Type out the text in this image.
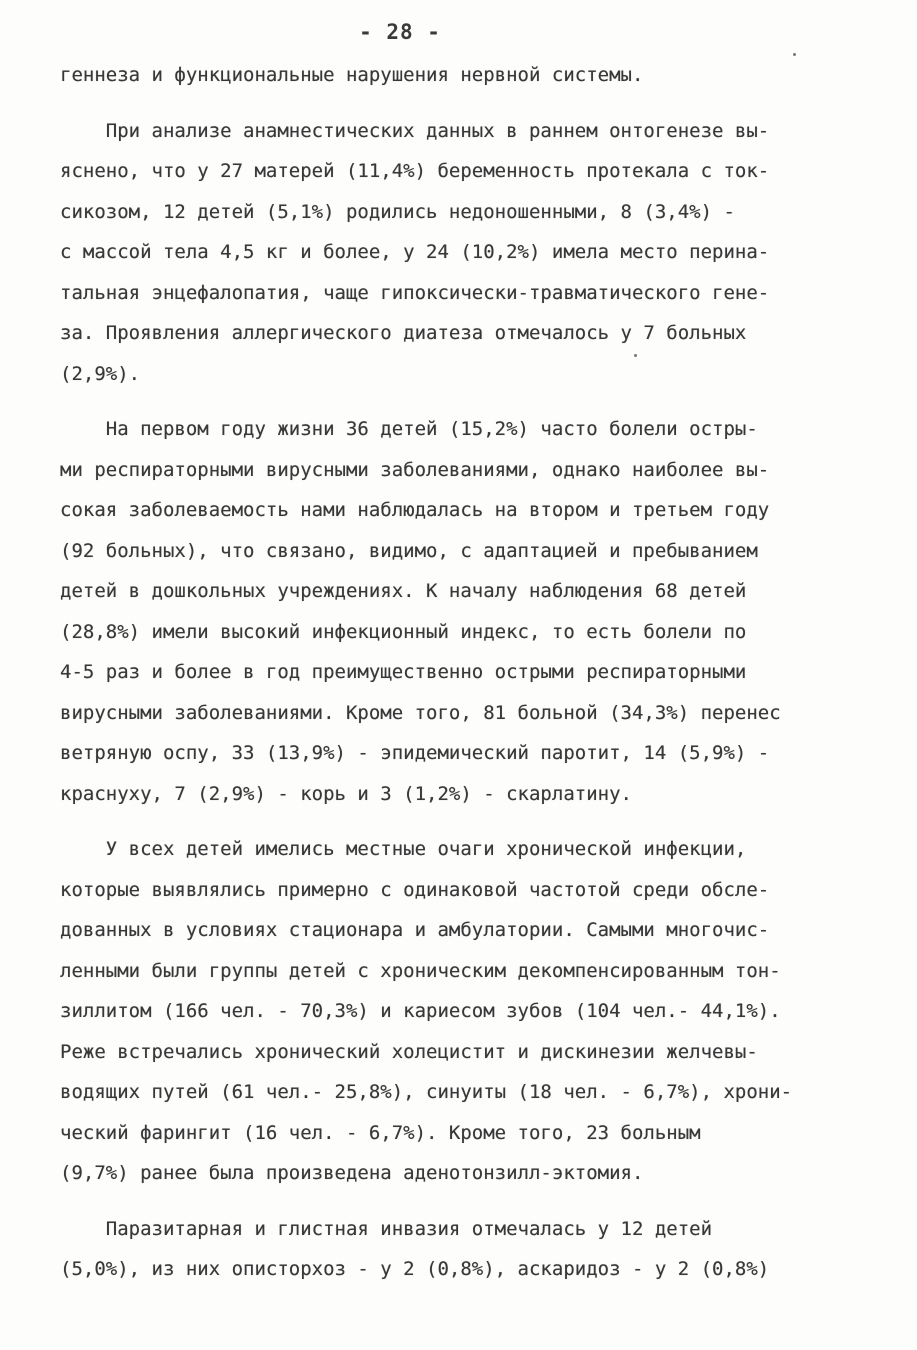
- 28 -

геннеза и функциональные нарушения нервной системы.

При анализе анамнестических данных в раннем онтогенезе вы-

яснено, что у 27 матерей (11,4%) беременность протекала с ток-

сикозом, 12 детей (5,1%) родились недоношенными, 8 (3,4%) -

с массой тела 4,5 кг и более, у 24 (10,2%) имела место перина-

тальная энцефалопатия, чаще гипоксически-травматического гене-

за. Проявления аллергического диатеза отмечалось у 7 больных

(2,9%).

На первом году жизни 36 детей (15,2%) часто болели остры-

ми респираторными вирусными заболеваниями, однако наиболее вы-

сокая заболеваемость нами наблюдалась на втором и третьем году

(92 больных), что связано, видимо, с адаптацией и пребыванием

детей в дошкольных учреждениях. К началу наблюдения 68 детей

(28,8%) имели высокий инфекционный индекс, то есть болели по

4-5 раз и более в год преимущественно острыми респираторными

вирусными заболеваниями. Кроме того, 81 больной (34,3%) перенес

ветряную оспу, 33 (13,9%) - эпидемический паротит, 14 (5,9%) -

краснуху, 7 (2,9%) - корь и 3 (1,2%) - скарлатину.

У всех детей имелись местные очаги хронической инфекции,

которые выявлялись примерно с одинаковой частотой среди обсле-

дованных в условиях стационара и амбулатории. Самыми многочис-

ленными были группы детей с хроническим декомпенсированным тон-

зиллитом (166 чел. - 70,3%) и кариесом зубов (104 чел.- 44,1%).

Реже встречались хронический холецистит и дискинезии желчевы-

водящих путей (61 чел.- 25,8%), синуиты (18 чел. - 6,7%), хрони-

ческий фарингит (16 чел. - 6,7%). Кроме того, 23 больным

(9,7%) ранее была произведена аденотонзилл-эктомия.

Паразитарная и глистная инвазия отмечалась у 12 детей

(5,0%), из них описторхоз - у 2 (0,8%), аскаридоз - у 2 (0,8%)
